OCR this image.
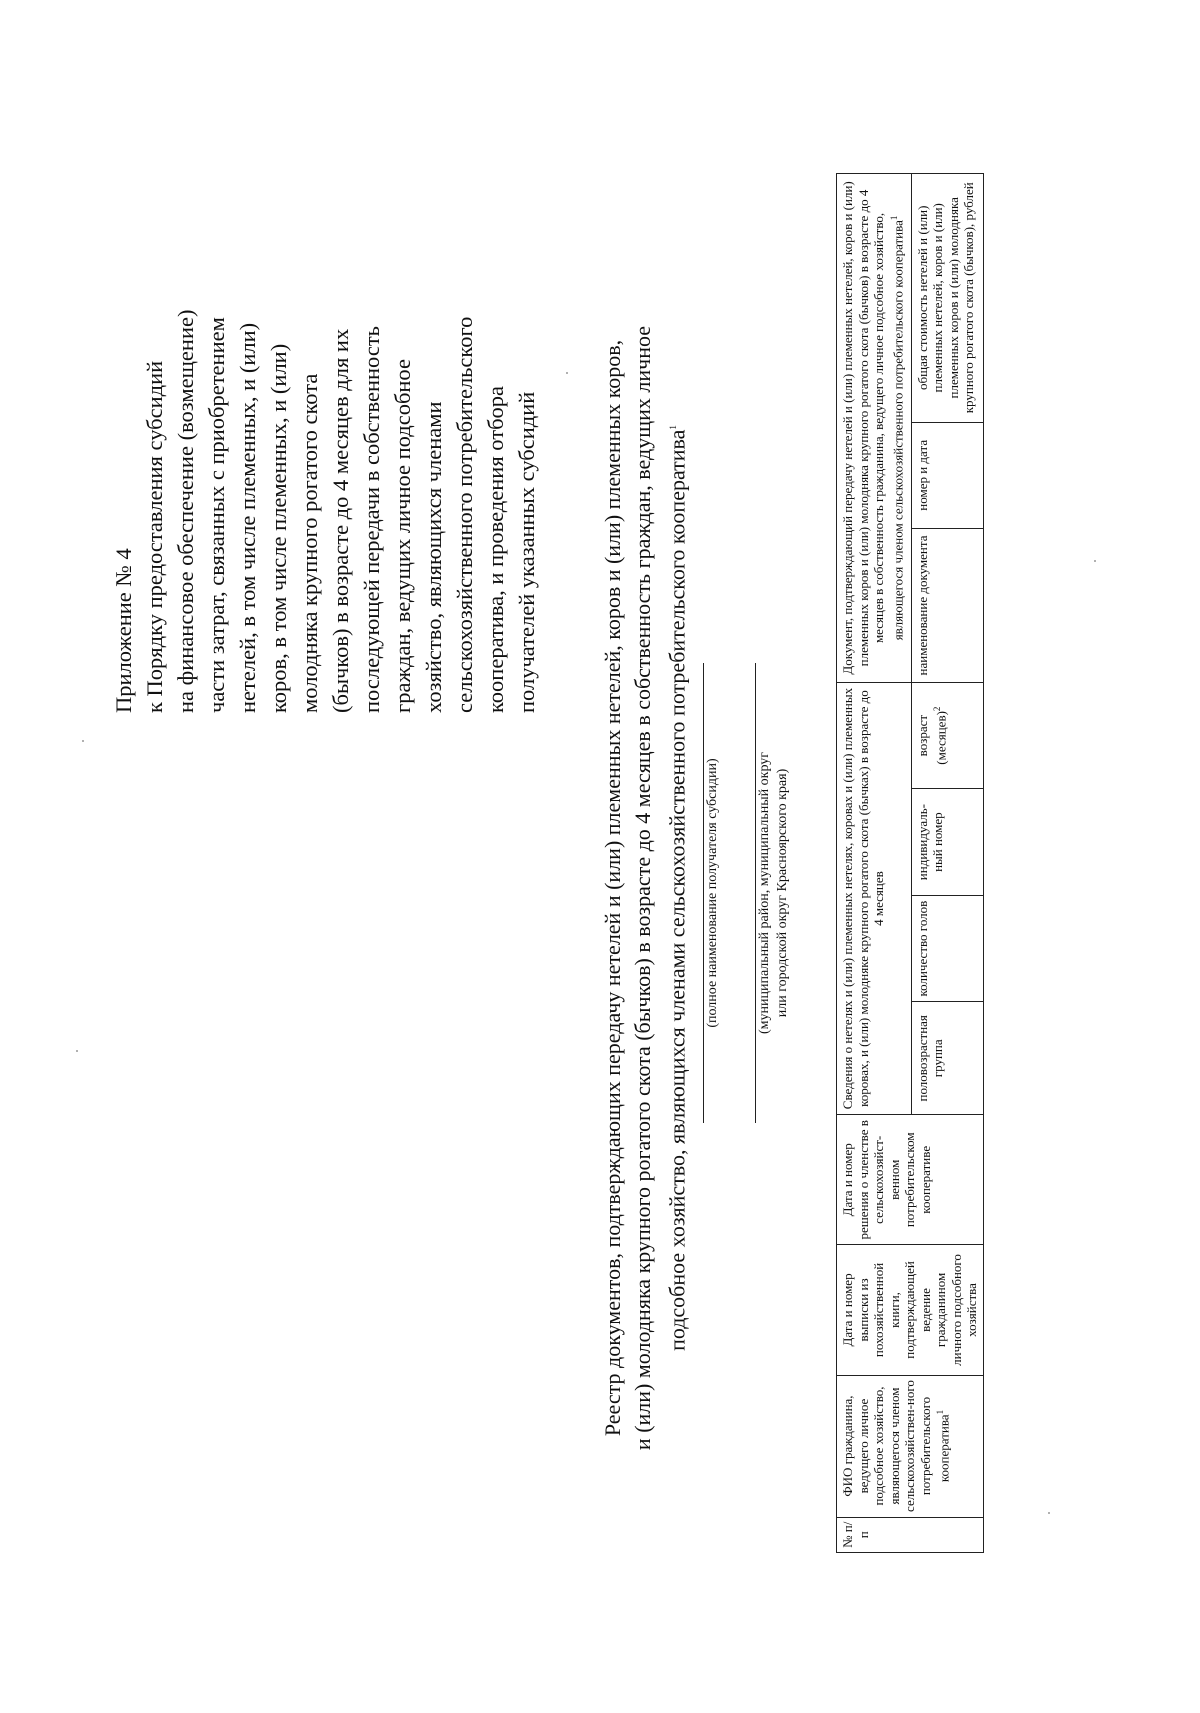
Приложение № 4 к Порядку предоставления субсидий на финансовое обеспечение (возмещение) части затрат, связанных с приобретением нетелей, в том числе племенных, и (или) коров, в том числе племенных, и (или) молодняка крупного рогатого скота (бычков) в возрасте до 4 месяцев для их последующей передачи в собственность граждан, ведущих личное подсобное хозяйство, являющихся членами сельскохозяйственного потребительского кооператива, и проведения отбора получателей указанных субсидий	Реестр документов, подтверждающих передачу нетелей и (или) племенных нетелей, коров и (или) племенных коров, и (или) молодняка крупного рогатого скота (бычков) в возрасте до 4 месяцев в собственность граждан, ведущих личное подсобное хозяйство, являющихся членами сельскохозяйственного потребительского кооператива$^1$
(полное наименование получателя субсидии)	(муниципальный район, муниципальный округ или городской округ Красноярского края)
№ п/п	ФИО гражданина, ведущего личное подсобное хозяйство, являющегося членом сельскохозяйствен-ного потребительского кооператива$^1$	Дата и номер выписки из похозяйственной книги, подтверждающей ведение гражданином личного подсобного хозяйства	Дата и номер решения о членстве в сельскохозяйст-венном потребительском кооперативе	Сведения о нетелях и (или) племенных нетелях, коровах и (или) племенных коровах, и (или) молодняке крупного рогатого скота (бычках) в возрасте до 4 месяцев				Документ, подтверждающий передачу нетелей и (или) племенных нетелей, коров и (или) племенных коров и (или) молодняка крупного рогатого скота (бычков) в возрасте до 4 месяцев в собственность гражданина, ведущего личное подсобное хозяйство, являющегося членом сельскохозяйственного потребительского кооператива$^1$
				половозрастная группа	количество голов	индивидуаль-ный номер	возраст (месяцев)$^2$	наименование документа	номер и дата	общая стоимость нетелей и (или) племенных нетелей, коров и (или) племенных коров и (или) молодняка крупного рогатого скота (бычков), рублей
